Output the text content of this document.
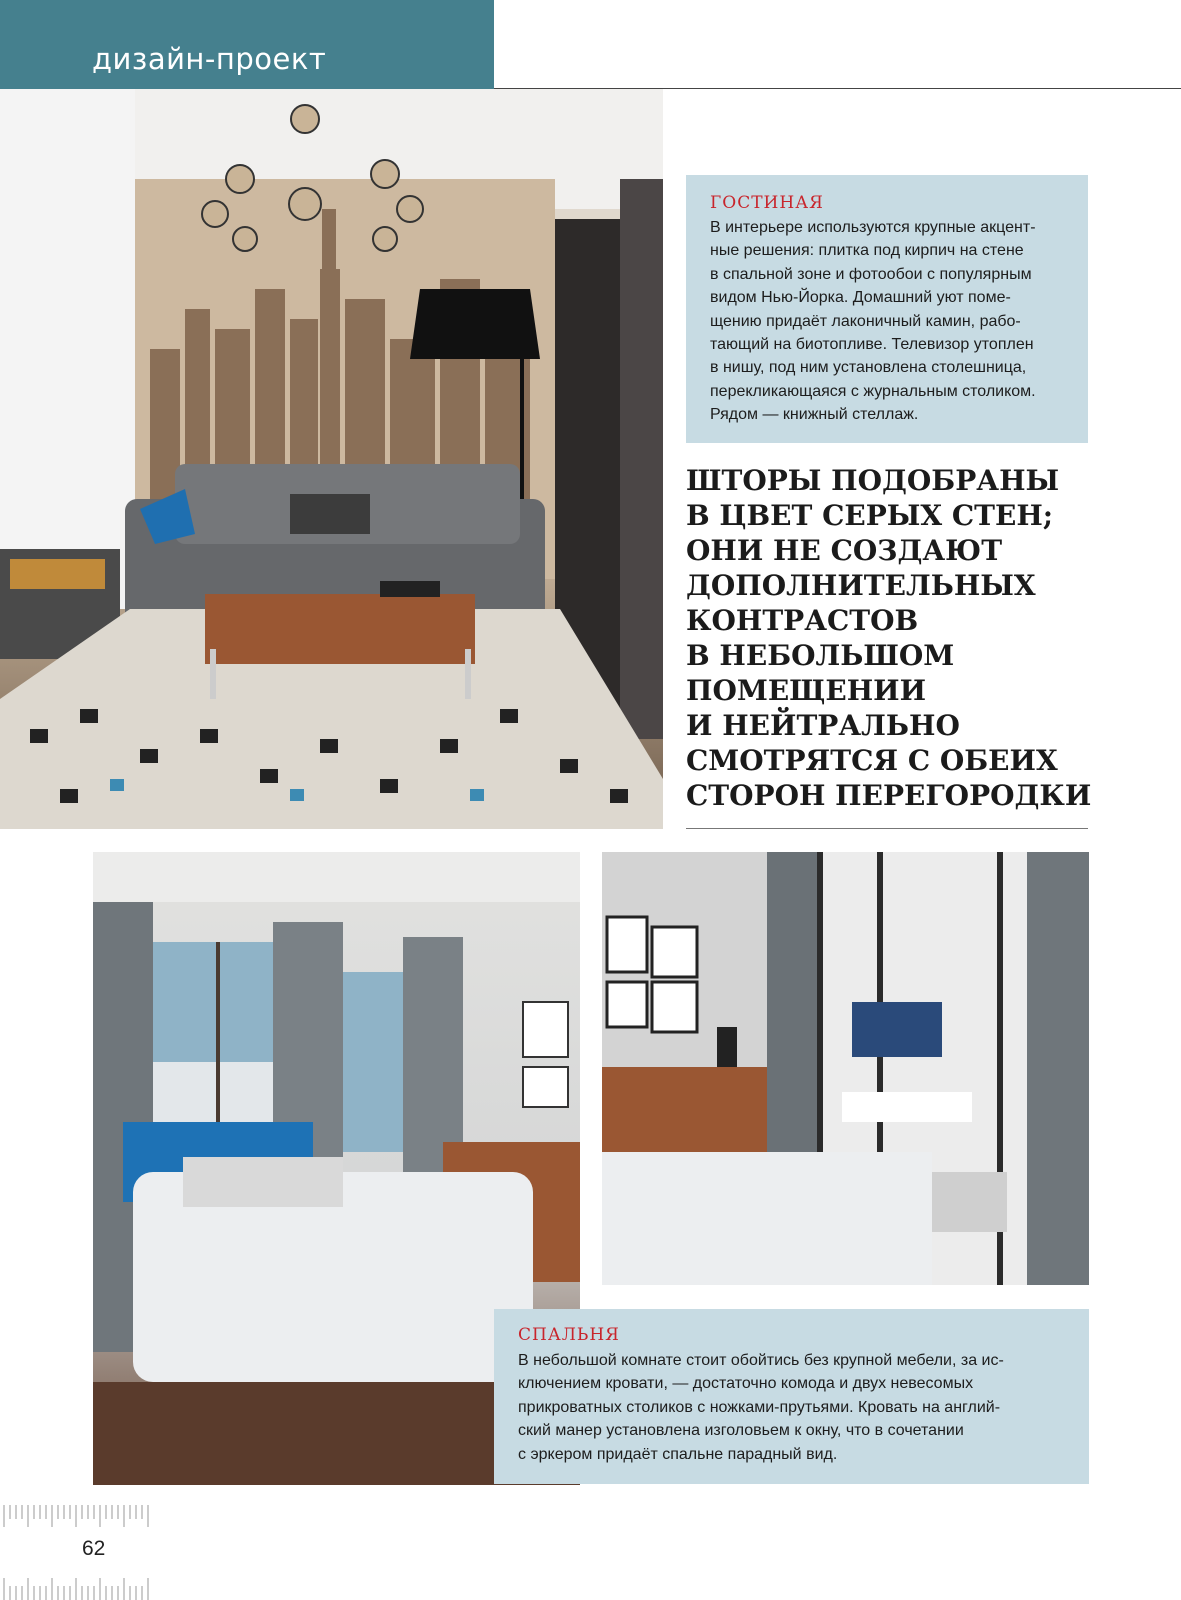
дизайн-проект
ГОСТИНАЯ
В интерьере используются крупные акцент-
ные решения: плитка под кирпич на стене
в спальной зоне и фотообои с популярным
видом Нью-Йорка. Домашний уют поме-
щению придаёт лаконичный камин, рабо-
тающий на биотопливе. Телевизор утоплен
в нишу, под ним установлена столешница,
перекликающаяся с журнальным столиком.
Рядом — книжный стеллаж.
ШТОРЫ ПОДОБРАНЫ
В ЦВЕТ СЕРЫХ СТЕН;
ОНИ НЕ СОЗДАЮТ
ДОПОЛНИТЕЛЬНЫХ
КОНТРАСТОВ
В НЕБОЛЬШОМ
ПОМЕЩЕНИИ
И НЕЙТРАЛЬНО
СМОТРЯТСЯ С ОБЕИХ
СТОРОН ПЕРЕГОРОДКИ
СПАЛЬНЯ
В небольшой комнате стоит обойтись без крупной мебели, за ис-
ключением кровати, — достаточно комода и двух невесомых
прикроватных столиков с ножками-прутьями. Кровать на англий-
ский манер установлена изголовьем к окну, что в сочетании
с эркером придаёт спальне парадный вид.
62
